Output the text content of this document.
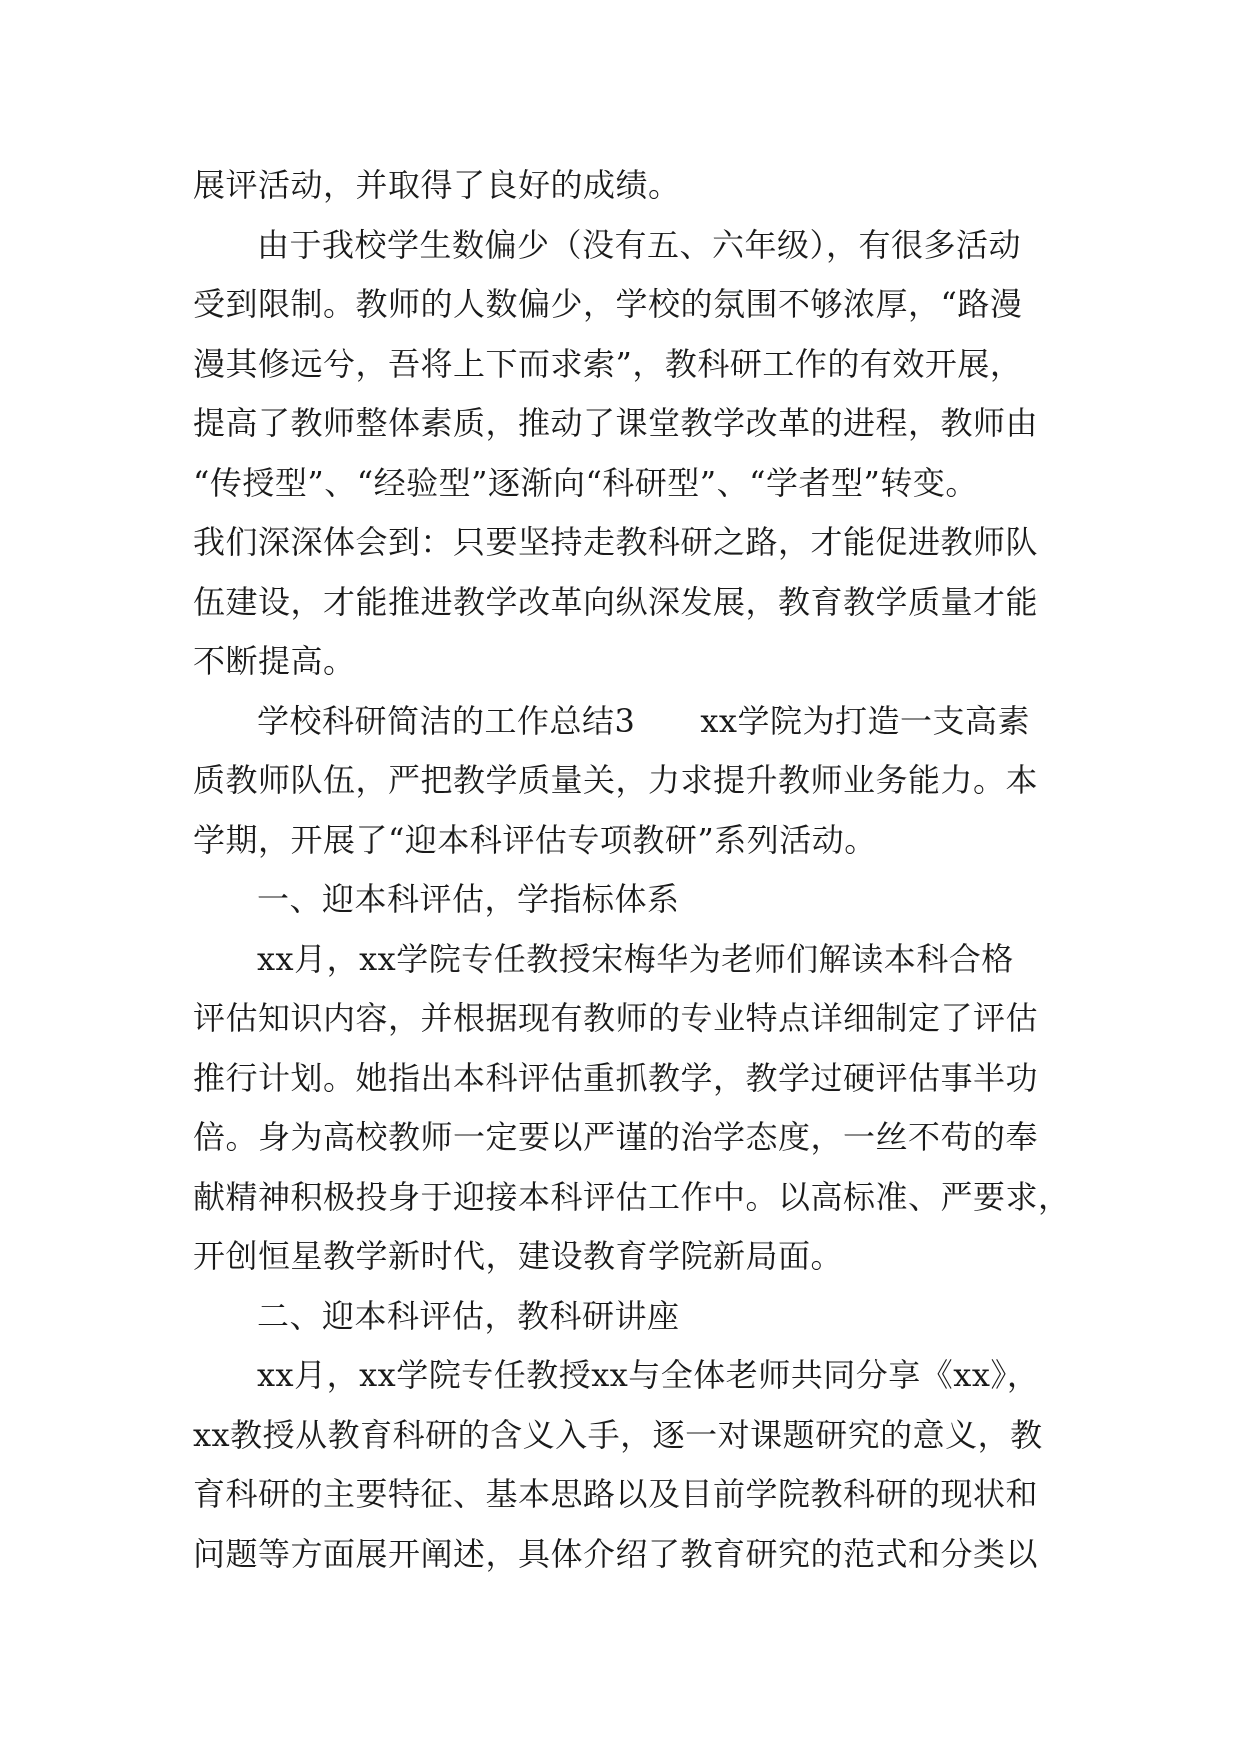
展评活动，并取得了良好的成绩。
由于我校学生数偏少（没有五、六年级），有很多活动
受到限制。教师的人数偏少，学校的氛围不够浓厚，“路漫
漫其修远兮，吾将上下而求索”，教科研工作的有效开展，
提高了教师整体素质，推动了课堂教学改革的进程，教师由
“传授型”、“经验型”逐渐向“科研型”、“学者型”转变。
我们深深体会到：只要坚持走教科研之路，才能促进教师队
伍建设，才能推进教学改革向纵深发展，教育教学质量才能
不断提高。
学校科研简洁的工作总结3　　xx学院为打造一支高素
质教师队伍，严把教学质量关，力求提升教师业务能力。本
学期，开展了“迎本科评估专项教研”系列活动。
一、迎本科评估，学指标体系
xx月，xx学院专任教授宋梅华为老师们解读本科合格
评估知识内容，并根据现有教师的专业特点详细制定了评估
推行计划。她指出本科评估重抓教学，教学过硬评估事半功
倍。身为高校教师一定要以严谨的治学态度，一丝不苟的奉
献精神积极投身于迎接本科评估工作中。以高标准、严要求，
开创恒星教学新时代，建设教育学院新局面。
二、迎本科评估，教科研讲座
xx月，xx学院专任教授xx与全体老师共同分享《xx》，
xx教授从教育科研的含义入手，逐一对课题研究的意义，教
育科研的主要特征、基本思路以及目前学院教科研的现状和
问题等方面展开阐述，具体介绍了教育研究的范式和分类以
